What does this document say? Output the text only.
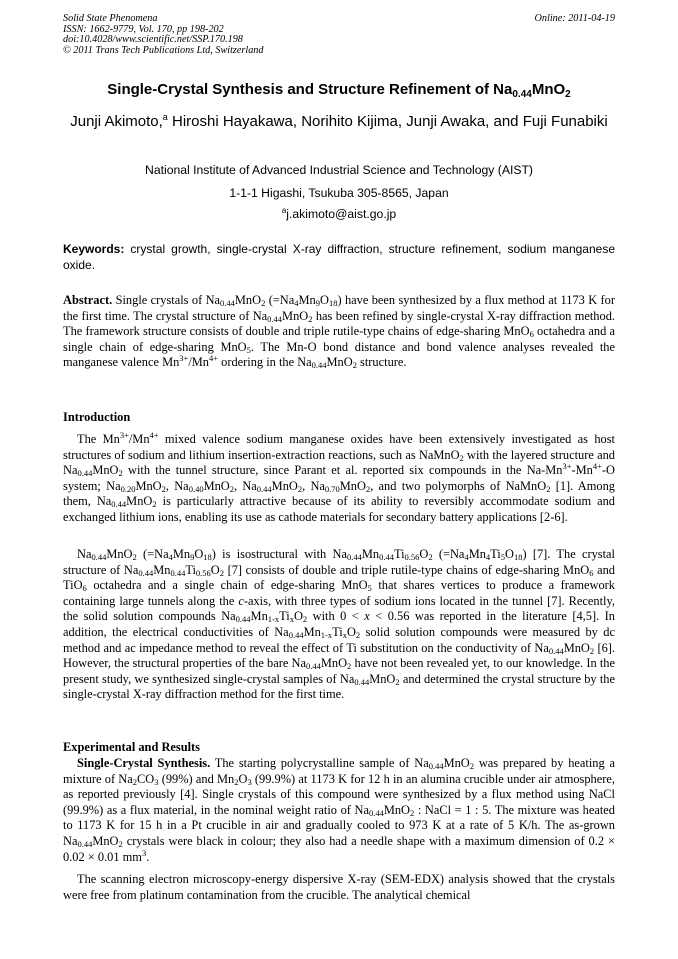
Solid State Phenomena
ISSN: 1662-9779, Vol. 170, pp 198-202
doi:10.4028/www.scientific.net/SSP.170.198
© 2011 Trans Tech Publications Ltd, Switzerland
Online: 2011-04-19
Single-Crystal Synthesis and Structure Refinement of $Na_{0.44}MnO_2$
Junji Akimoto,$^a$ Hiroshi Hayakawa, Norihito Kijima, Junji Awaka, and Fuji Funabiki
National Institute of Advanced Industrial Science and Technology (AIST)
1-1-1 Higashi, Tsukuba 305-8565, Japan
$^a$j.akimoto@aist.go.jp
Keywords: crystal growth, single-crystal X-ray diffraction, structure refinement, sodium manganese oxide.
Abstract. Single crystals of $Na_{0.44}MnO_2$ $(=Na_4Mn_9O_{18})$ have been synthesized by a flux method at 1173 K for the first time. The crystal structure of $Na_{0.44}MnO_2$ has been refined by single-crystal X-ray diffraction method. The framework structure consists of double and triple rutile-type chains of edge-sharing MnO$_6$ octahedra and a single chain of edge-sharing MnO$_5$. The Mn-O bond distance and bond valence analyses revealed the manganese valence $Mn^{3+}/Mn^{4+}$ ordering in the $Na_{0.44}MnO_2$ structure.
Introduction
The $Mn^{3+}/Mn^{4+}$ mixed valence sodium manganese oxides have been extensively investigated as host structures of sodium and lithium insertion-extraction reactions, such as NaMnO$_2$ with the layered structure and $Na_{0.44}MnO_2$ with the tunnel structure, since Parant et al. reported six compounds in the $Na-Mn^{3+}-Mn^{4+}-O$ system; $Na_{0.20}MnO_2$, $Na_{0.40}MnO_2$, $Na_{0.44}MnO_2$, $Na_{0.70}MnO_2$, and two polymorphs of NaMnO$_2$ [1]. Among them, $Na_{0.44}MnO_2$ is particularly attractive because of its ability to reversibly accommodate sodium and exchanged lithium ions, enabling its use as cathode materials for secondary battery applications [2-6].
$Na_{0.44}MnO_2$ $(=Na_4Mn_9O_{18})$ is isostructural with $Na_{0.44}Mn_{0.44}Ti_{0.56}O_2$ $(=Na_4Mn_4Ti_5O_{18})$ [7]. The crystal structure of $Na_{0.44}Mn_{0.44}Ti_{0.56}O_2$ [7] consists of double and triple rutile-type chains of edge-sharing MnO$_6$ and TiO$_6$ octahedra and a single chain of edge-sharing MnO$_5$ that shares vertices to produce a framework containing large tunnels along the c-axis, with three types of sodium ions located in the tunnel [7]. Recently, the solid solution compounds $Na_{0.44}Mn_{1-x}Ti_xO_2$ with 0 < x < 0.56 was reported in the literature [4,5]. In addition, the electrical conductivities of $Na_{0.44}Mn_{1-x}Ti_xO_2$ solid solution compounds were measured by dc method and ac impedance method to reveal the effect of Ti substitution on the conductivity of $Na_{0.44}MnO_2$ [6]. However, the structural properties of the bare $Na_{0.44}MnO_2$ have not been revealed yet, to our knowledge. In the present study, we synthesized single-crystal samples of $Na_{0.44}MnO_2$ and determined the crystal structure by the single-crystal X-ray diffraction method for the first time.
Experimental and Results
Single-Crystal Synthesis. The starting polycrystalline sample of $Na_{0.44}MnO_2$ was prepared by heating a mixture of $Na_2CO_3$ (99%) and $Mn_2O_3$ (99.9%) at 1173 K for 12 h in an alumina crucible under air atmosphere, as reported previously [4]. Single crystals of this compound were synthesized by a flux method using NaCl (99.9%) as a flux material, in the nominal weight ratio of $Na_{0.44}MnO_2$ : NaCl = 1 : 5. The mixture was heated to 1173 K for 15 h in a Pt crucible in air and gradually cooled to 973 K at a rate of 5 K/h. The as-grown $Na_{0.44}MnO_2$ crystals were black in colour; they also had a needle shape with a maximum dimension of 0.2 × 0.02 × 0.01 $mm^3$.
The scanning electron microscopy-energy dispersive X-ray (SEM-EDX) analysis showed that the crystals were free from platinum contamination from the crucible. The analytical chemical
